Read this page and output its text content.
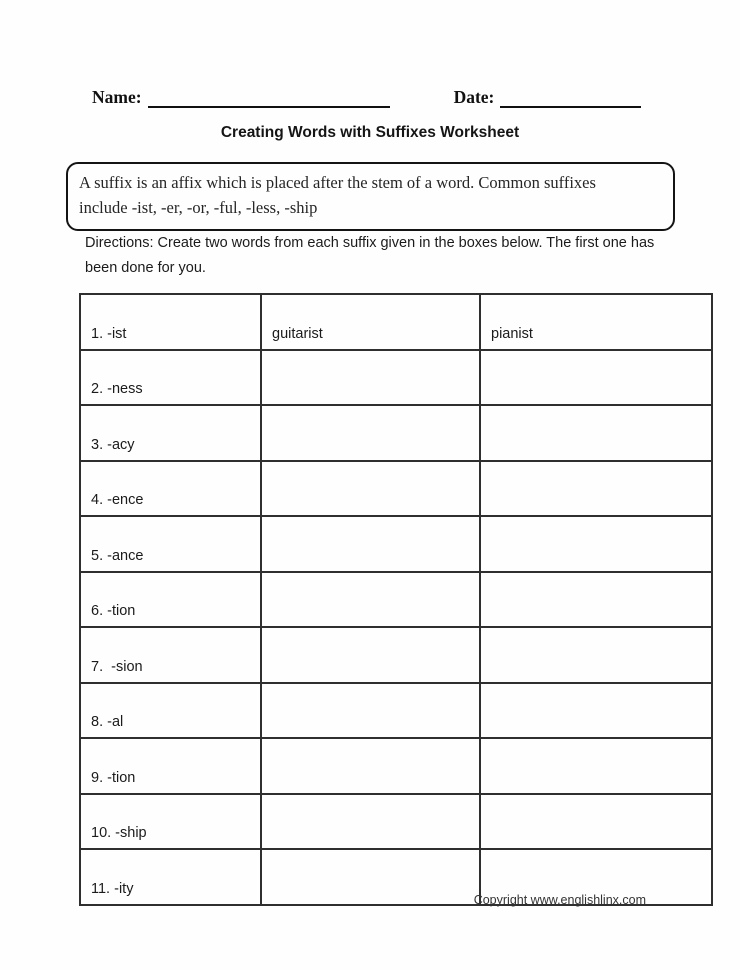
Name:	Date:
Creating Words with Suffixes Worksheet
A suffix is an affix which is placed after the stem of a word. Common suffixes include -ist, -er, -or, -ful, -less, -ship
Directions: Create two words from each suffix given in the boxes below. The first one has been done for you.
1. -ist	guitarist	pianist
2. -ness		
3. -acy		
4. -ence		
5. -ance		
6. -tion		
7.  -sion		
8. -al		
9. -tion		
10. -ship		
11. -ity		
Copyright www.englishlinx.com
